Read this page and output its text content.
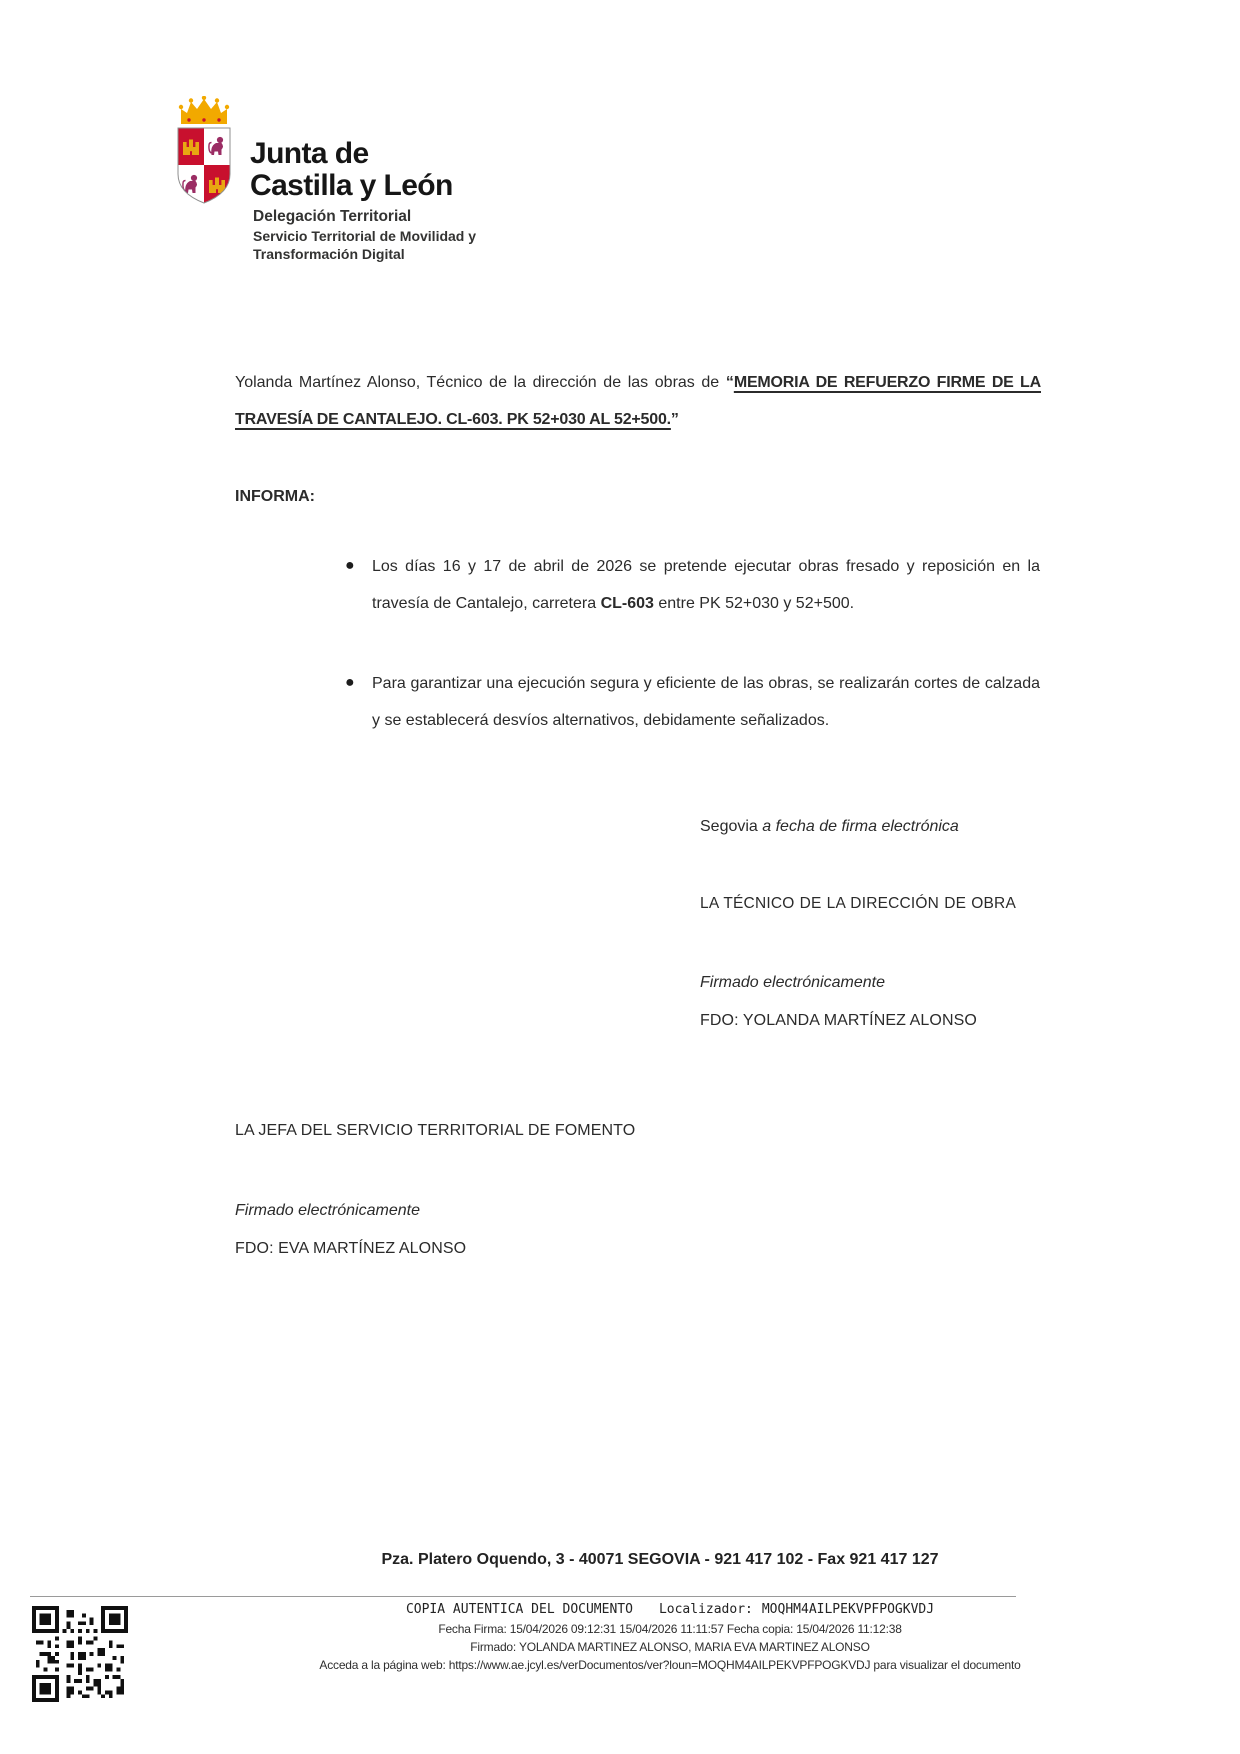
Junta de
Castilla y León
Delegación Territorial
Servicio Territorial de Movilidad y
Transformación Digital

Yolanda Martínez Alonso, Técnico de la dirección de las obras de “MEMORIA DE REFUERZO FIRME DE LA TRAVESÍA DE CANTALEJO. CL-603. PK 52+030 AL 52+500.”

INFORMA:
● Los días 16 y 17 de abril de 2026 se pretende ejecutar obras fresado y reposición en la travesía de Cantalejo, carretera CL-603 entre PK 52+030 y 52+500.

● Para garantizar una ejecución segura y eficiente de las obras, se realizarán cortes de calzada y se establecerá desvíos alternativos, debidamente señalizados.

Segovia a fecha de firma electrónica
LA TÉCNICO DE LA DIRECCIÓN DE OBRA
Firmado electrónicamente
FDO: YOLANDA MARTÍNEZ ALONSO
LA JEFA DEL SERVICIO TERRITORIAL DE FOMENTO
Firmado electrónicamente
FDO: EVA MARTÍNEZ ALONSO
Pza. Platero Oquendo, 3 - 40071 SEGOVIA - 921 417 102 - Fax 921 417 127
COPIA AUTENTICA DEL DOCUMENTO Localizador: MOQHM4AILPEKVPFPOGKVDJ
Fecha Firma: 15/04/2026 09:12:31 15/04/2026 11:11:57 Fecha copia: 15/04/2026 11:12:38
Firmado: YOLANDA MARTINEZ ALONSO, MARIA EVA MARTINEZ ALONSO
Acceda a la página web: https://www.ae.jcyl.es/verDocumentos/ver?loun=MOQHM4AILPEKVPFPOGKVDJ para visualizar el documento
